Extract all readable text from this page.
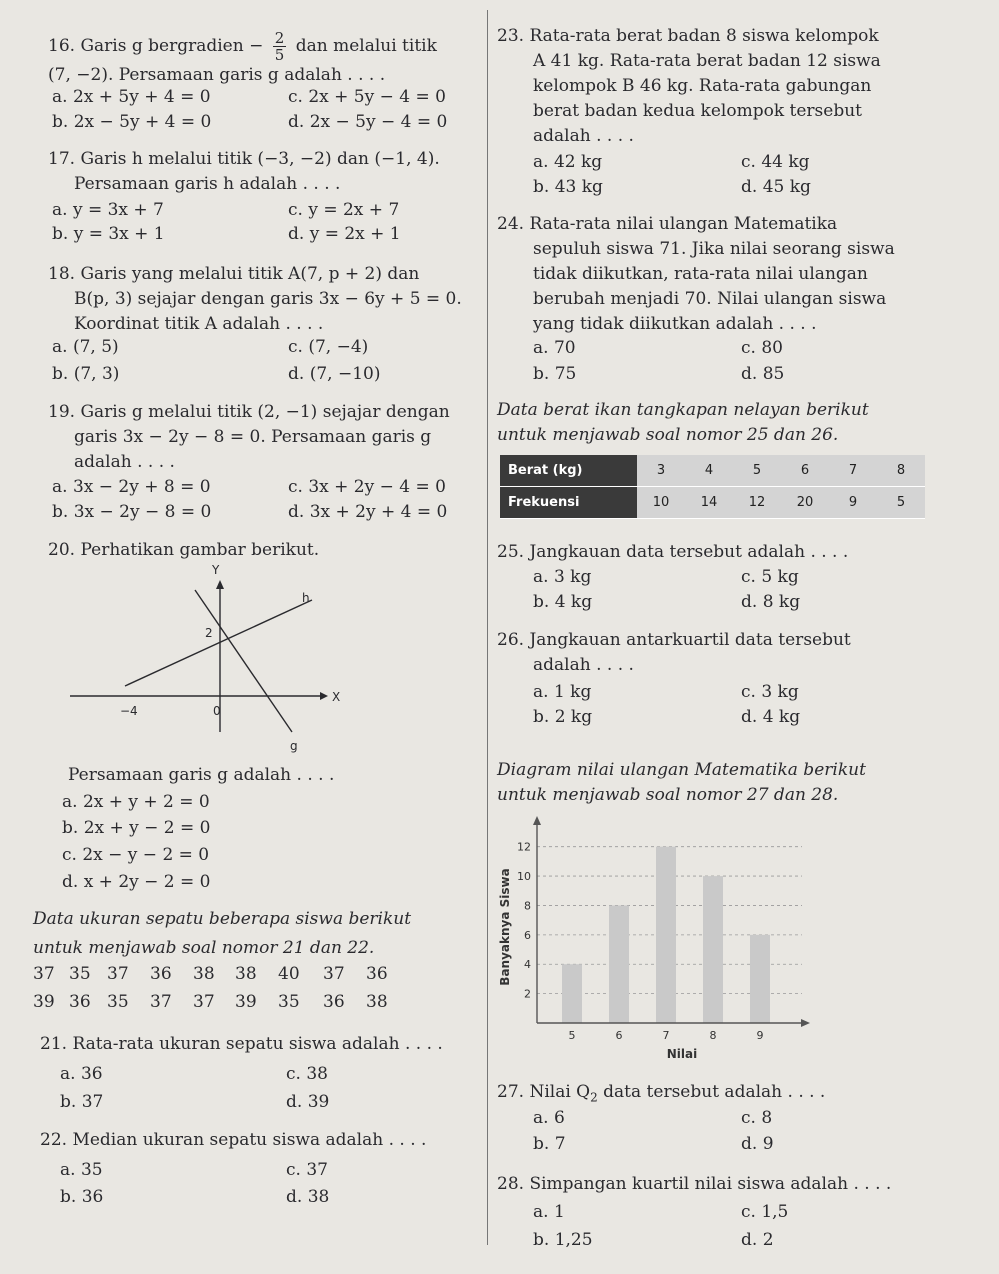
16. Garis g bergradien − $\frac{2}{5}$ dan melalui titik
(7, −2). Persamaan garis g adalah . . . .
a. 2x + 5y + 4 = 0
b. 2x − 5y + 4 = 0
c. 2x + 5y − 4 = 0
d. 2x − 5y − 4 = 0
17. Garis h melalui titik (−3, −2) dan (−1, 4).
Persamaan garis h adalah . . . .
a. y = 3x + 7
b. y = 3x + 1
c. y = 2x + 7
d. y = 2x + 1
18. Garis yang melalui titik A(7, p + 2) dan
B(p, 3) sejajar dengan garis 3x − 6y + 5 = 0.
Koordinat titik A adalah . . . .
a. (7, 5)
b. (7, 3)
c. (7, −4)
d. (7, −10)
19. Garis g melalui titik (2, −1) sejajar dengan
garis 3x − 2y − 8 = 0. Persamaan garis g
adalah . . . .
a. 3x − 2y + 8 = 0
b. 3x − 2y − 8 = 0
c. 3x + 2y − 4 = 0
d. 3x + 2y + 4 = 0
20. Perhatikan gambar berikut.
Y
X
h
g
2
−4	0
Persamaan garis g adalah . . . .
a. 2x + y + 2 = 0
b. 2x + y − 2 = 0
c. 2x − y − 2 = 0
d. x + 2y − 2 = 0
Data ukuran sepatu beberapa siswa berikut
untuk menjawab soal nomor 21 dan 22.
37 35 37 36 38 38 40 37 36
39 36 35 37 37 39 35 36 38
21. Rata-rata ukuran sepatu siswa adalah . . . .
a. 36
b. 37
c. 38
d. 39
22. Median ukuran sepatu siswa adalah . . . .
a. 35
b. 36
c. 37
d. 38
23. Rata-rata berat badan 8 siswa kelompok
A 41 kg. Rata-rata berat badan 12 siswa
kelompok B 46 kg. Rata-rata gabungan
berat badan kedua kelompok tersebut
adalah . . . .
a. 42 kg
b. 43 kg
c. 44 kg
d. 45 kg
24. Rata-rata nilai ulangan Matematika
sepuluh siswa 71. Jika nilai seorang siswa
tidak diikutkan, rata-rata nilai ulangan
berubah menjadi 70. Nilai ulangan siswa
yang tidak diikutkan adalah . . . .
a. 70
b. 75
c. 80
d. 85
Data berat ikan tangkapan nelayan berikut
untuk menjawab soal nomor 25 dan 26.
Berat (kg)	3	4	5	6	7	8
Frekuensi	10	14	12	20	9	5
25. Jangkauan data tersebut adalah . . . .
a. 3 kg
b. 4 kg
c. 5 kg
d. 8 kg
26. Jangkauan antarkuartil data tersebut
adalah . . . .
a. 1 kg
b. 2 kg
c. 3 kg
d. 4 kg
Diagram nilai ulangan Matematika berikut
untuk menjawab soal nomor 27 dan 28.
2
4
6
8
10
12
5	6	7	8	9
Banyaknya Siswa
Nilai
27. Nilai $Q_2$ data tersebut adalah . . . .
a. 6
b. 7
c. 8
d. 9
28. Simpangan kuartil nilai siswa adalah . . . .
a. 1
b. 1,25
c. 1,5
d. 2
